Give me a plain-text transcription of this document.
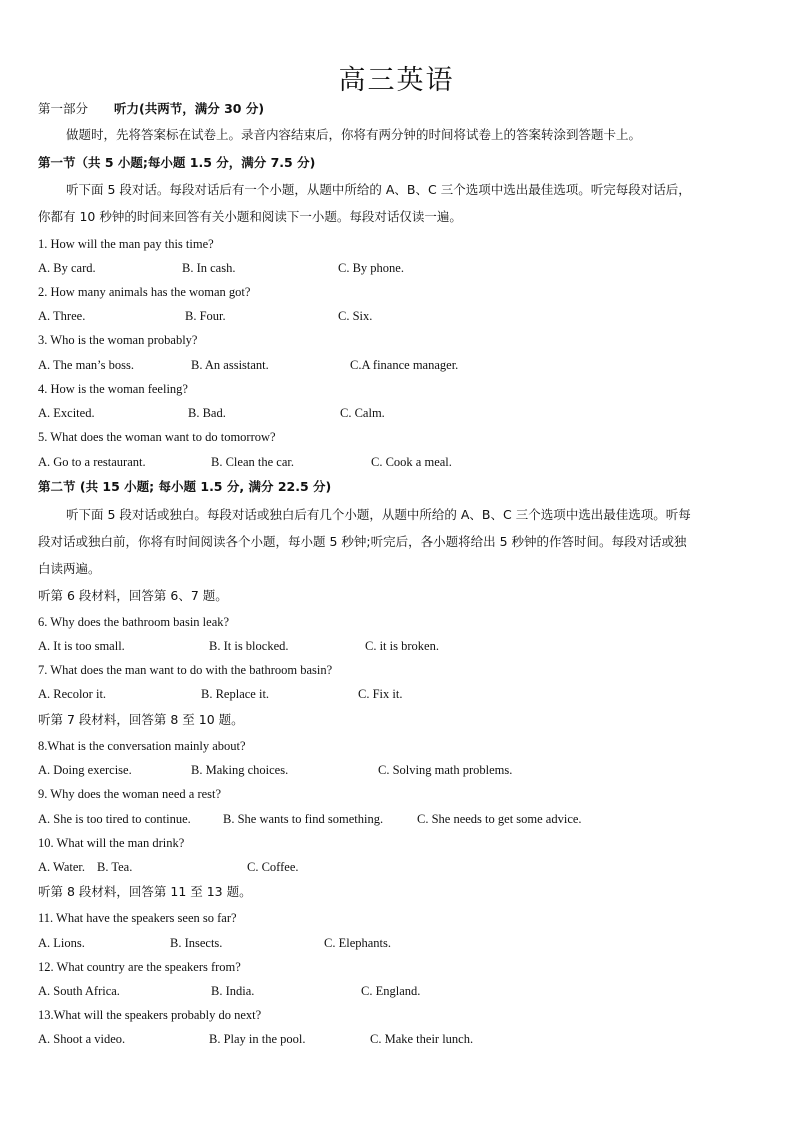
高三英语
第一部分 听力(共两节，满分 30 分)
做题时，先将答案标在试卷上。录音内容结束后，你将有两分钟的时间将试卷上的答案转涂到答题卡上。
第一节（共 5 小题;每小题 1.5 分，满分 7.5 分)
听下面 5 段对话。每段对话后有一个小题，从题中所给的 A、B、C 三个选项中选出最佳选项。听完每段对话后，
你都有 10 秒钟的时间来回答有关小题和阅读下一小题。每段对话仅读一遍。
1. How will the man pay this time?
A. By card.	B. In cash.	C. By phone.
2. How many animals has the woman got?
A. Three.	B. Four.	C. Six.
3. Who is the woman probably?
A. The man’s boss.	B. An assistant.	C.A finance manager.
4. How is the woman feeling?
A. Excited.	B. Bad.	C. Calm.
5. What does the woman want to do tomorrow?
A. Go to a restaurant.	B. Clean the car.	C. Cook a meal.
第二节 (共 15 小题; 每小题 1.5 分, 满分 22.5 分)
听下面 5 段对话或独白。每段对话或独白后有几个小题，从题中所给的 A、B、C 三个选项中选出最佳选项。听每
段对话或独白前，你将有时间阅读各个小题，每小题 5 秒钟;听完后，各小题将给出 5 秒钟的作答时间。每段对话或独
白读两遍。
听第 6 段材料，回答第 6、7 题。
6. Why does the bathroom basin leak?
A. It is too small.	B. It is blocked.	C. it is broken.
7. What does the man want to do with the bathroom basin?
A. Recolor it.	B. Replace it.	C. Fix it.
听第 7 段材料，回答第 8 至 10 题。
8.What is the conversation mainly about?
A. Doing exercise.	B. Making choices.	C. Solving math problems.
9. Why does the woman need a rest?
A. She is too tired to continue.	B. She wants to find something.	C. She needs to get some advice.
10. What will the man drink?
A. Water. B. Tea.	C. Coffee.
听第 8 段材料，回答第 11 至 13 题。
11. What have the speakers seen so far?
A. Lions.	B. Insects.	C. Elephants.
12. What country are the speakers from?
A. South Africa.	B. India.	C. England.
13.What will the speakers probably do next?
A. Shoot a video.	B. Play in the pool.	C. Make their lunch.
